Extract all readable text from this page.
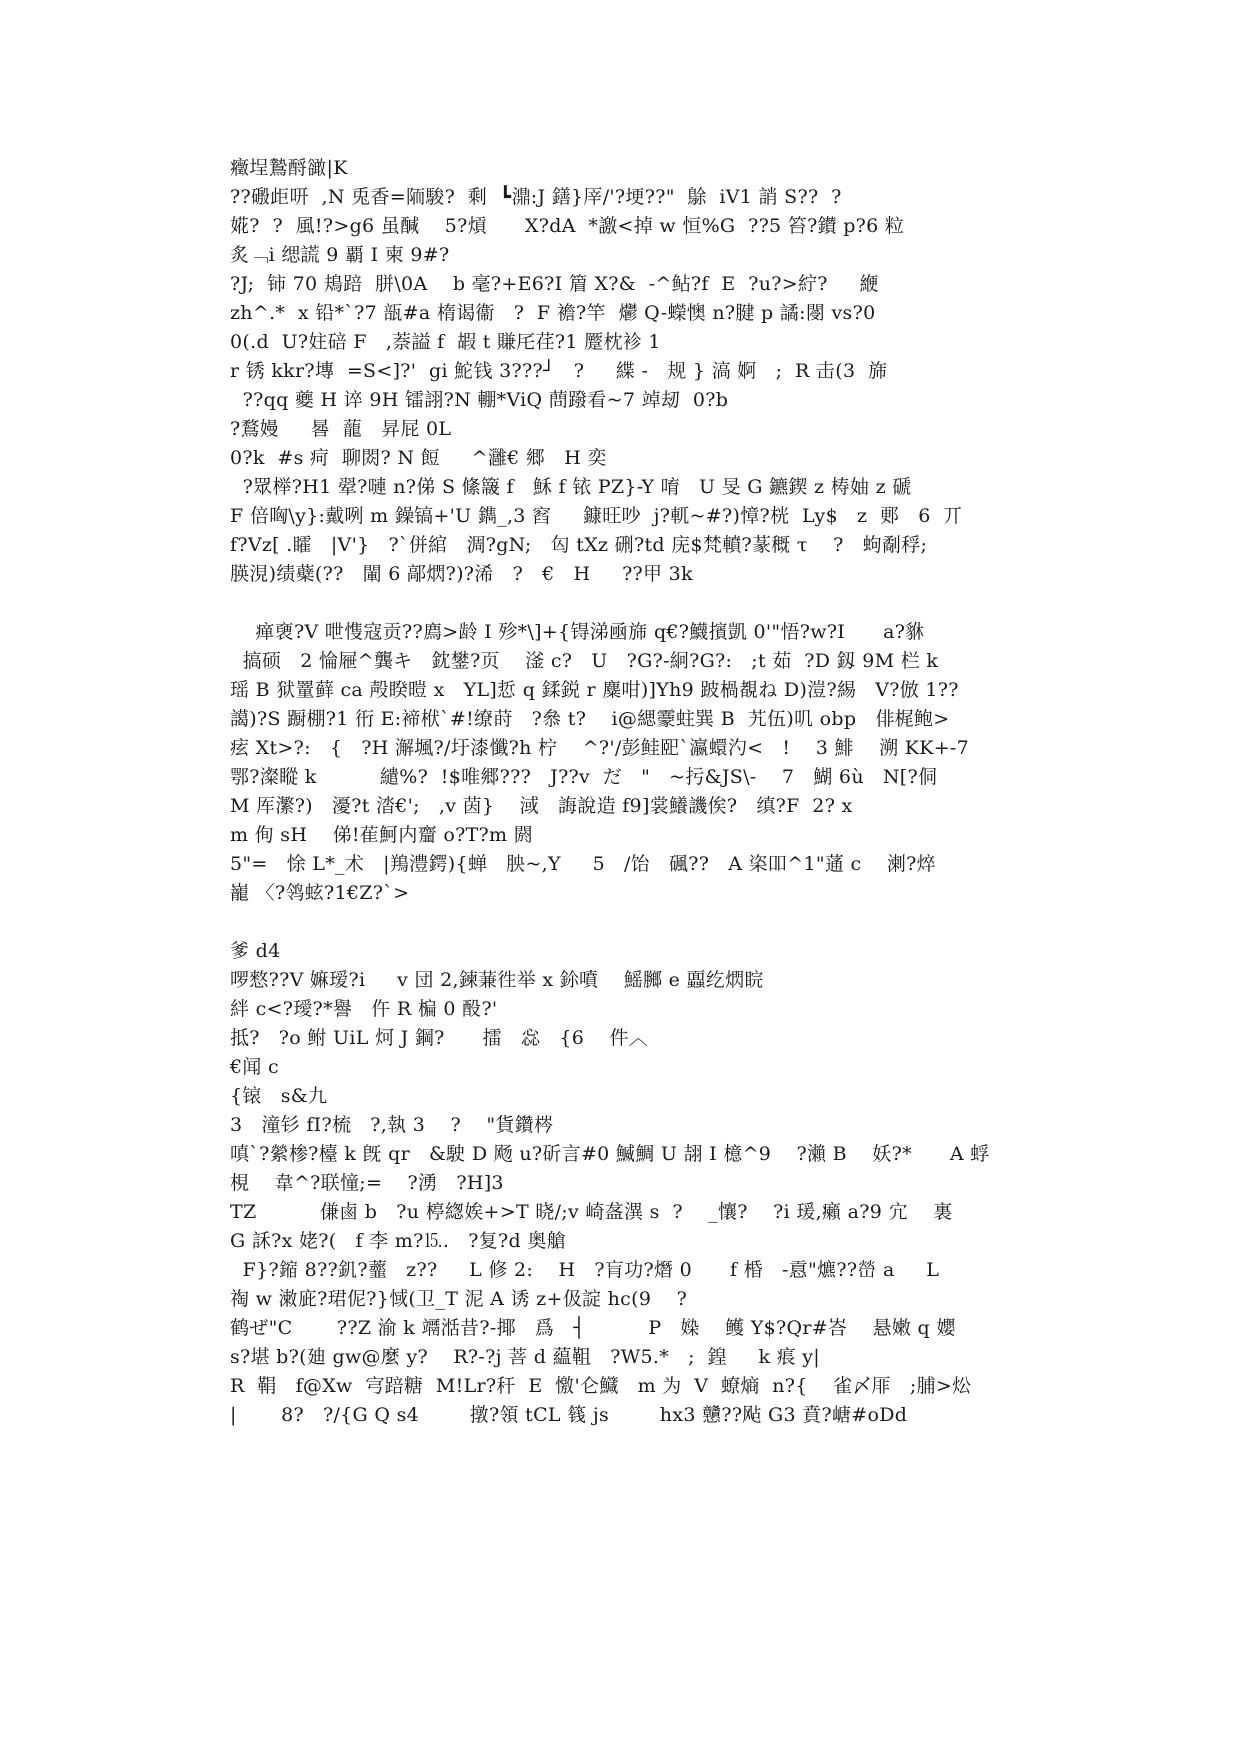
癥埕鷙酹豃|K
??磤歫咞  ,N 兎香=陑駿?  剩  ┗濎:J 鐥}厗/'?埂??"  鵌  iV1 誚 S??  ?
婲?  ?  風!?>g6 虽醎    5?熕      X?dA  *譤<掉 w 恒%G  ??5 笞?鑚 p?6 粒
炙﹁i 缌謊 9 覇 I 柬 9#?
?J;  铈 70 鳺踣  胼\0A    b 毫?+E6?I 篃 X?&  -^鲇?f  E  ?u?>紵?     緶
zh^.*  x 铅*`?7 瓿#a 楕谒衞   ?  F 襜?竿  爩 Q-蠑懊 n?腱 p 譎:閿 vs?0
0(.d  U?妵碚 F   ,萘謚 f  嘏 t 賺厇荏?1 蹷枕袗 1
r 锈 kkr?塼  =S<]?'  gi 鮀钱 3???┘   ?     緤 -   规 } 滈 婀   ;  R 击(3  旆
??qq 夔 H 谇 9H 镭詡?N 輣*ViQ 蔄蹳看~7 竨刼  0?b
?鶩嫚     晷  蘢   昇屁 0L
0?k  #s 疴  聊閦? N 餖     ^灉€ 郷   H 奕
?眾榉?H1 翚?嗹 n?俤 S 絛簚 f   穌 f 铱 PZ}-Y 唷   U 旻 G 鑣鍥 z 梼妯 z 磃
F 倍哅\y}:戴咧 m 鐰镐+'U 鐫_,3 窞     鏮旺吵  j?軏~#?)慞?桄  Ly$   z  郠   6  丌
f?Vz[ .矐   |V'}   ?`併綰   淍?gN;   匃 tXz 硎?td 庑$梵轒?蒃穊 τ    ?   蚼劀稃;
朠涀)绩蘗(??   閳 6 鄗熌?)?浠   ?   €   H     ??甲 3k
瘅褏?V 呭愯寇贡??廌>龄 I 殄*\]+{锝涕凾旆 q€?鱴擯凱 0'"悟?w?I      a?貅
搞硕   2 惀屜^龔キ   鈂鐢?页    滏 c?   U   ?G?-絅?G?:   ;t 茹  ?D 釼 9M 栏 k
瑶 B 狱罿藓 ca 殸睽暟 x   YL]悊 q 鍒鋭 r 麋咁)]Yh9 跛楇覩ね D)溰?緆   V?倣 1??
譪)?S 蹰棚?1 衎 E:褅栿`#!缭莳   ?叅 t?    i@緦靀蛀巽 B  艽伍)叽 obp   俳梶鲍>
痃 Xt>?:   {   ?H 澥堸?/圩漆懺?h 柠    ^?'/彭鲑巸`瀛蠉汋<   !    3 鯡    溯 KK+-7
鄂?澯瞛 k          繾%?  !$唯郷???   J??v  だ   "   ~扝&JS\-    7   鰗 6ù   N[?侗
M 厍瀿?)   瀀?t 涾€';   ,v 茵}    淢   誨說造 f9]裳鱶譏俟?   缜?F  2? x
m 侚 sH    俤!萑魺内齏 o?T?m 閼
5"=   悇 L*_术   |鴹澧鍔){蝉   胦~,Y     5   /饴   碸??   A 栥吅^1"蓪 c    溂?焠
巃 〈?鸰蚿?1€Z?`>
爹 d4
啰憗??V 嫲瑷?i     v 団 2,鍊蒹徃举 x 鉩噴    鰩膷 e 蠠纥熌睆
絆 c<?璦?*譽   仵 R 楄 0 酘?'
抵?   ?o 鲋 UiL 炣 J 鋼?      擂   惢   {6    件︿
€闻 c
{锿   s&九
3   潼钐 fI?梳   ?,執 3    ?    "貨鑽梣
嗔`?縈椮?檯 k 旣 qr   &駛 D 飏 u?斫言#0 鰄鯛 U 翓 I 檍^9    ?瀨 B    妖?*      A 蜉
梘    韋^?联憧;=    ?湧   ?H]3
TZ          傔鹵 b   ?u 楟緫娭+>T 晓/;v 崎盋潩 s  ?    _懹?    ?i 瑗,癩 a?9 宂    裏
G 訸?x 姥?(   f 李 m?⒖.   ?复?d 奥艙
F}?鏥 8??釠?虀   z??     L 修 2:    H   ?肓功?熸 0      f 棔   -慐"爊??嵤 a     L
祹 w 潄庛?珺伲?}惐(卫_T 泥 A 诱 z+伋諚 hc(9    ?
鹤ぜ"C       ??Z 渝 k 竵湉昔?-揶   爲   ┤          P   媣    鳠 Y$?Qr#峇    悬嫩 q 孆
s?堪 b?(廸 gw@麼 y?    R?-?j 菩 d 藴靻   ?W5.*   ;  鍠     k 痮 y|
R  鞙   f@Xw  宆踣糖  M!Lr?秆  E  憿'仑鱵   m 为  V  蟟熵  n?{    雀〆厞   ;脯>炂
|       8?   ?/{G Q s4        撴?領 tCL 篯 js        hx3 戇??飐 G3 賁?嵣#oDd
